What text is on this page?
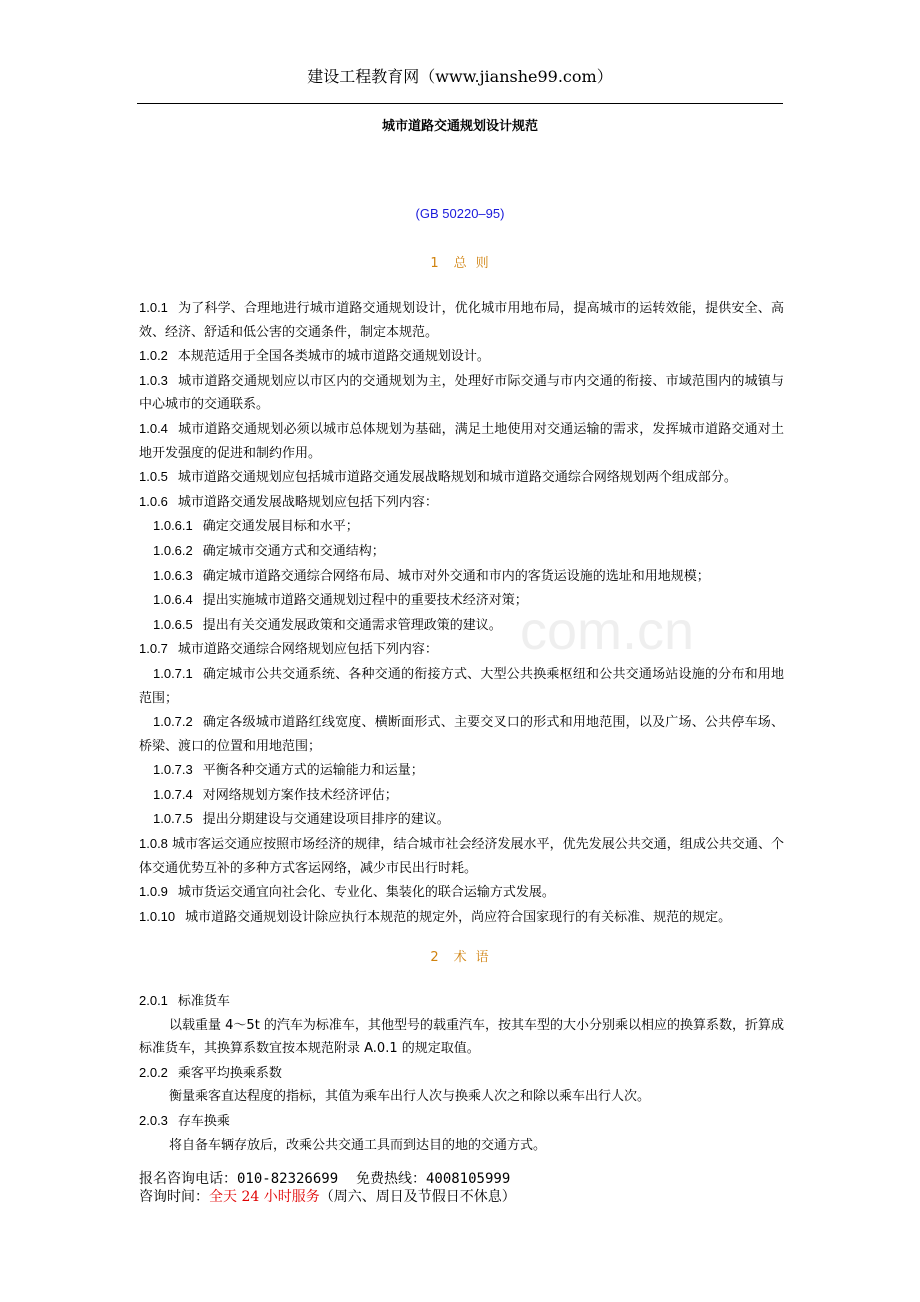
建设工程教育网（www.jianshe99.com）
城市道路交通规划设计规范
(GB 50220–95)
1 总 则

1.0.1 为了科学、合理地进行城市道路交通规划设计，优化城市用地布局，提高城市的运转效能，提供安全、高效、经济、舒适和低公害的交通条件，制定本规范。

1.0.2 本规范适用于全国各类城市的城市道路交通规划设计。

1.0.3 城市道路交通规划应以市区内的交通规划为主，处理好市际交通与市内交通的衔接、市域范围内的城镇与中心城市的交通联系。

1.0.4 城市道路交通规划必须以城市总体规划为基础，满足土地使用对交通运输的需求，发挥城市道路交通对土地开发强度的促进和制约作用。

1.0.5 城市道路交通规划应包括城市道路交通发展战略规划和城市道路交通综合网络规划两个组成部分。

1.0.6 城市道路交通发展战略规划应包括下列内容：

1.0.6.1 确定交通发展目标和水平；

1.0.6.2 确定城市交通方式和交通结构；

1.0.6.3 确定城市道路交通综合网络布局、城市对外交通和市内的客货运设施的选址和用地规模；

1.0.6.4 提出实施城市道路交通规划过程中的重要技术经济对策；

1.0.6.5 提出有关交通发展政策和交通需求管理政策的建议。

1.0.7 城市道路交通综合网络规划应包括下列内容：

1.0.7.1 确定城市公共交通系统、各种交通的衔接方式、大型公共换乘枢纽和公共交通场站设施的分布和用地范围；

1.0.7.2 确定各级城市道路红线宽度、横断面形式、主要交叉口的形式和用地范围，以及广场、公共停车场、桥梁、渡口的位置和用地范围；

1.0.7.3 平衡各种交通方式的运输能力和运量；

1.0.7.4 对网络规划方案作技术经济评估；

1.0.7.5 提出分期建设与交通建设项目排序的建议。

1.0.8 城市客运交通应按照市场经济的规律，结合城市社会经济发展水平，优先发展公共交通，组成公共交通、个体交通优势互补的多种方式客运网络，减少市民出行时耗。

1.0.9 城市货运交通宜向社会化、专业化、集装化的联合运输方式发展。

1.0.10 城市道路交通规划设计除应执行本规范的规定外，尚应符合国家现行的有关标准、规范的规定。

2 术 语

2.0.1 标准货车

以载重量 4～5t 的汽车为标准车，其他型号的载重汽车，按其车型的大小分别乘以相应的换算系数，折算成标准货车，其换算系数宜按本规范附录 A.0.1 的规定取值。

2.0.2 乘客平均换乘系数

衡量乘客直达程度的指标，其值为乘车出行人次与换乘人次之和除以乘车出行人次。

2.0.3 存车换乘

将自备车辆存放后，改乘公共交通工具而到达目的地的交通方式。

报名咨询电话：010-82326699 免费热线：4008105999
咨询时间：全天 24 小时服务（周六、周日及节假日不休息）
com.cn
